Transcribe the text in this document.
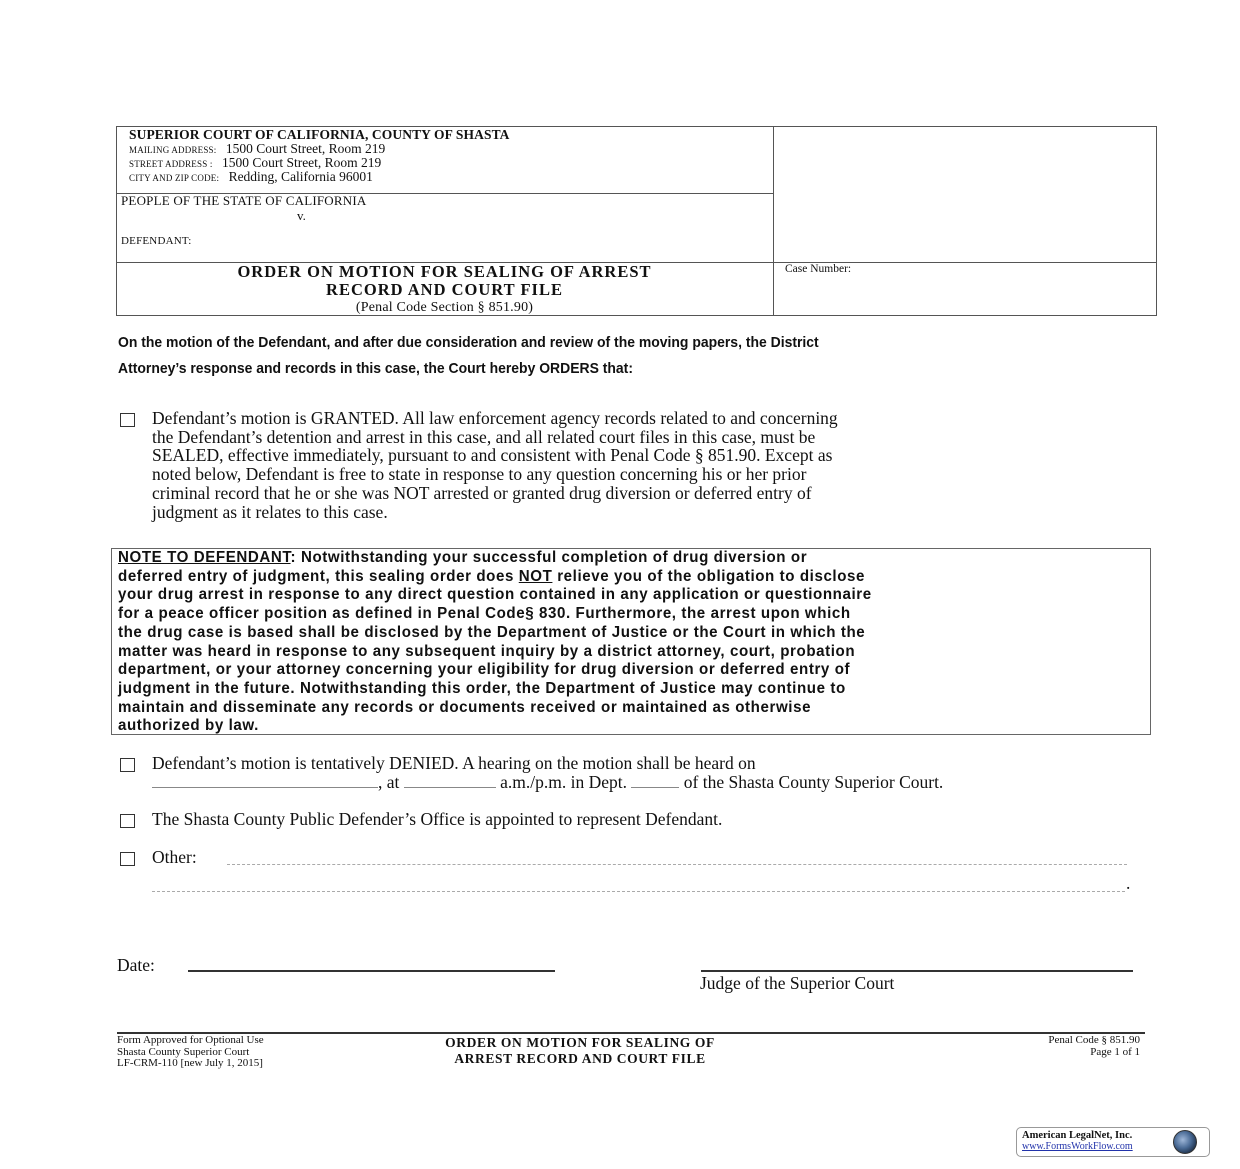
SUPERIOR COURT OF CALIFORNIA, COUNTY OF SHASTA
MAILING ADDRESS: 1500 Court Street, Room 219
STREET ADDRESS : 1500 Court Street, Room 219
CITY AND ZIP CODE: Redding, California 96001
PEOPLE OF THE STATE OF CALIFORNIA
v.
DEFENDANT:
ORDER ON MOTION FOR SEALING OF ARREST
RECORD AND COURT FILE
(Penal Code Section § 851.90)
Case Number:
On the motion of the Defendant, and after due consideration and review of the moving papers, the District
Attorney’s response and records in this case, the Court hereby ORDERS that:
Defendant’s motion is GRANTED. All law enforcement agency records related to and concerning
the Defendant’s detention and arrest in this case, and all related court files in this case, must be
SEALED, effective immediately, pursuant to and consistent with Penal Code § 851.90. Except as
noted below, Defendant is free to state in response to any question concerning his or her prior
criminal record that he or she was NOT arrested or granted drug diversion or deferred entry of
judgment as it relates to this case.
NOTE TO DEFENDANT: Notwithstanding your successful completion of drug diversion or
deferred entry of judgment, this sealing order does NOT relieve you of the obligation to disclose
your drug arrest in response to any direct question contained in any application or questionnaire
for a peace officer position as defined in Penal Code§ 830. Furthermore, the arrest upon which
the drug case is based shall be disclosed by the Department of Justice or the Court in which the
matter was heard in response to any subsequent inquiry by a district attorney, court, probation
department, or your attorney concerning your eligibility for drug diversion or deferred entry of
judgment in the future. Notwithstanding this order, the Department of Justice may continue to
maintain and disseminate any records or documents received or maintained as otherwise
authorized by law.
Defendant’s motion is tentatively DENIED. A hearing on the motion shall be heard on
, at	a.m./p.m. in Dept.	of the Shasta County Superior Court.
The Shasta County Public Defender’s Office is appointed to represent Defendant.
Other:
.
Date:
Judge of the Superior Court
Form Approved for Optional Use
Shasta County Superior Court
LF-CRM-110 [new July 1, 2015]
ORDER ON MOTION FOR SEALING OF
ARREST RECORD AND COURT FILE
Penal Code § 851.90
Page 1 of 1
American LegalNet, Inc.
www.FormsWorkFlow.com
